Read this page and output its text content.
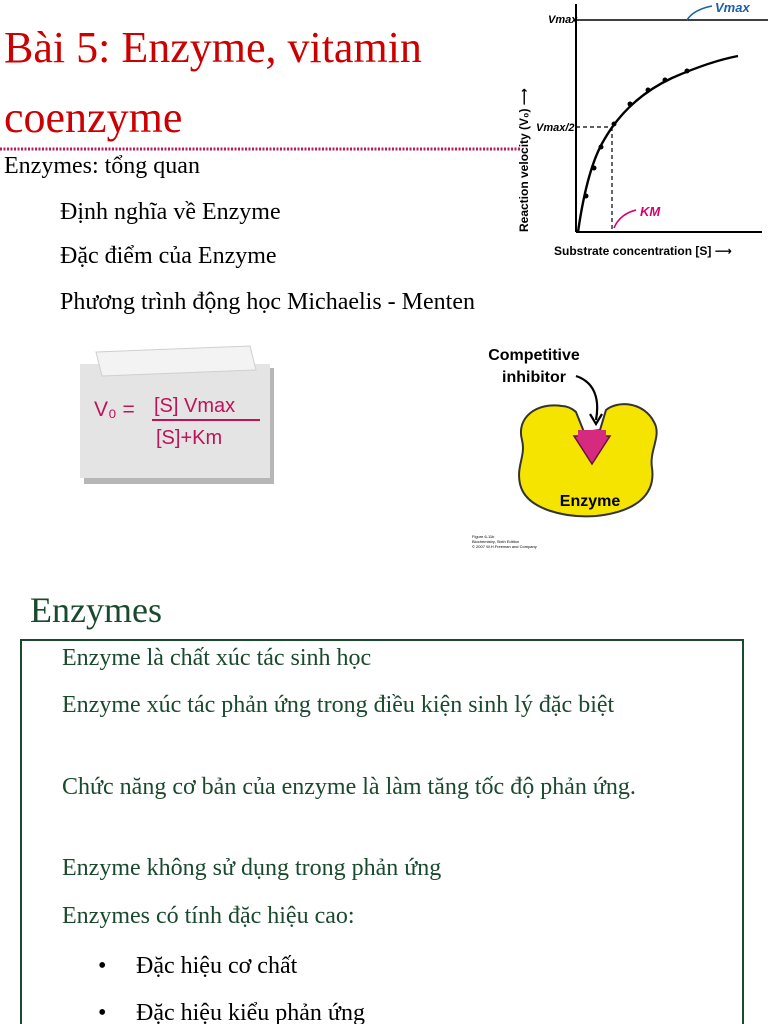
Bài 5: Enzyme, vitamin
coenzyme
Enzymes: tổng quan
Định nghĩa về Enzyme
Đặc điểm của Enzyme
Phương trình động học Michaelis - Menten
Vmax
Vmax/2
Vmax
KM
Reaction velocity (V₀) ⟶
Substrate concentration [S] ⟶
V₀ = [S] Vmax
[S]+Km
Competitive
inhibitor
Enzyme
Figure 6-11b
Biochemistry, Sixth Edition
© 2007 W.H.Freeman and Company
Enzymes
Enzyme là chất xúc tác sinh học
Enzyme xúc tác phản ứng trong điều kiện sinh lý đặc biệt
Chức năng cơ bản của enzyme là làm tăng tốc độ phản ứng.
Enzyme không sử dụng trong phản ứng
Enzymes có tính đặc hiệu cao:
• Đặc hiệu cơ chất
• Đặc hiệu kiểu phản ứng
